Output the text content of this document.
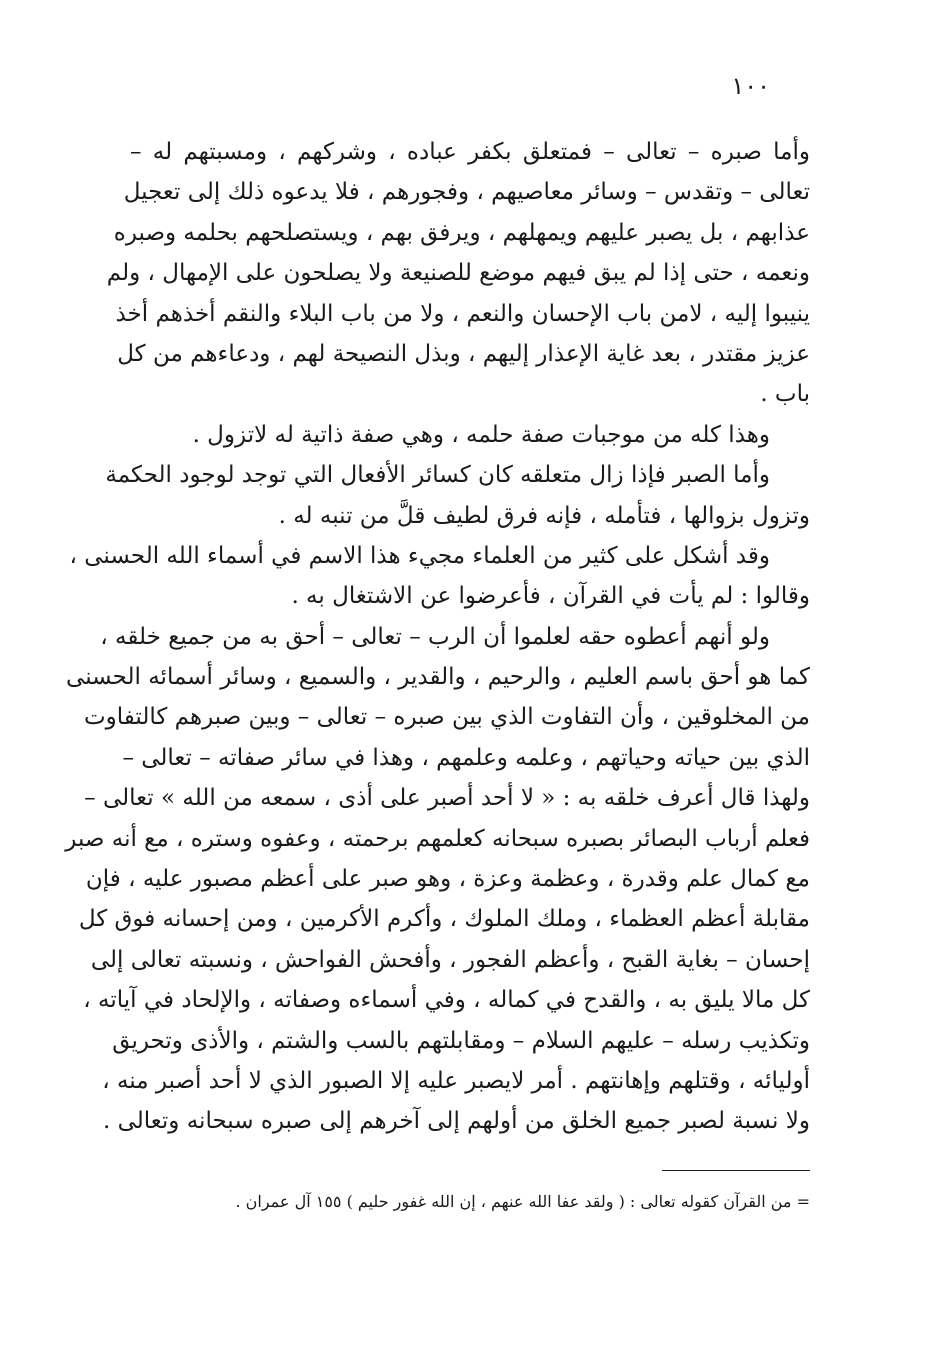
١٠٠
وأما صبره – تعالى – فمتعلق بكفر عباده ، وشركهم ، ومسبتهم له –
تعالى – وتقدس – وسائر معاصيهم ، وفجورهم ، فلا يدعوه ذلك إلى تعجيل
عذابهم ، بل يصبر عليهم ويمهلهم ، ويرفق بهم ، ويستصلحهم بحلمه وصبره
ونعمه ، حتى إذا لم يبق فيهم موضع للصنيعة ولا يصلحون على الإمهال ، ولم
ينيبوا إليه ، لامن باب الإحسان والنعم ، ولا من باب البلاء والنقم أخذهم أخذ
عزيز مقتدر ، بعد غاية الإعذار إليهم ، وبذل النصيحة لهم ، ودعاءهم من كل
باب .
وهذا كله من موجبات صفة حلمه ، وهي صفة ذاتية له لاتزول .
وأما الصبر فإذا زال متعلقه كان كسائر الأفعال التي توجد لوجود الحكمة
وتزول بزوالها ، فتأمله ، فإنه فرق لطيف قلَّ من تنبه له .
وقد أشكل على كثير من العلماء مجيء هذا الاسم في أسماء الله الحسنى ،
وقالوا : لم يأت في القرآن ، فأعرضوا عن الاشتغال به .
ولو أنهم أعطوه حقه لعلموا أن الرب – تعالى – أحق به من جميع خلقه ،
كما هو أحق باسم العليم ، والرحيم ، والقدير ، والسميع ، وسائر أسمائه الحسنى
من المخلوقين ، وأن التفاوت الذي بين صبره – تعالى – وبين صبرهم كالتفاوت
الذي بين حياته وحياتهم ، وعلمه وعلمهم ، وهذا في سائر صفاته – تعالى –
ولهذا قال أعرف خلقه به : « لا أحد أصبر على أذى ، سمعه من الله » تعالى –
فعلم أرباب البصائر بصبره سبحانه كعلمهم برحمته ، وعفوه وستره ، مع أنه صبر
مع كمال علم وقدرة ، وعظمة وعزة ، وهو صبر على أعظم مصبور عليه ، فإن
مقابلة أعظم العظماء ، وملك الملوك ، وأكرم الأكرمين ، ومن إحسانه فوق كل
إحسان – بغاية القبح ، وأعظم الفجور ، وأفحش الفواحش ، ونسبته تعالى إلى
كل مالا يليق به ، والقدح في كماله ، وفي أسماءه وصفاته ، والإلحاد في آياته ،
وتكذيب رسله – عليهم السلام – ومقابلتهم بالسب والشتم ، والأذى وتحريق
أوليائه ، وقتلهم وإهانتهم . أمر لايصبر عليه إلا الصبور الذي لا أحد أصبر منه ،
ولا نسبة لصبر جميع الخلق من أولهم إلى آخرهم إلى صبره سبحانه وتعالى .
= من القرآن كقوله تعالى : ( ولقد عفا الله عنهم ، إن الله غفور حليم ) ١٥٥ آل عمران .
